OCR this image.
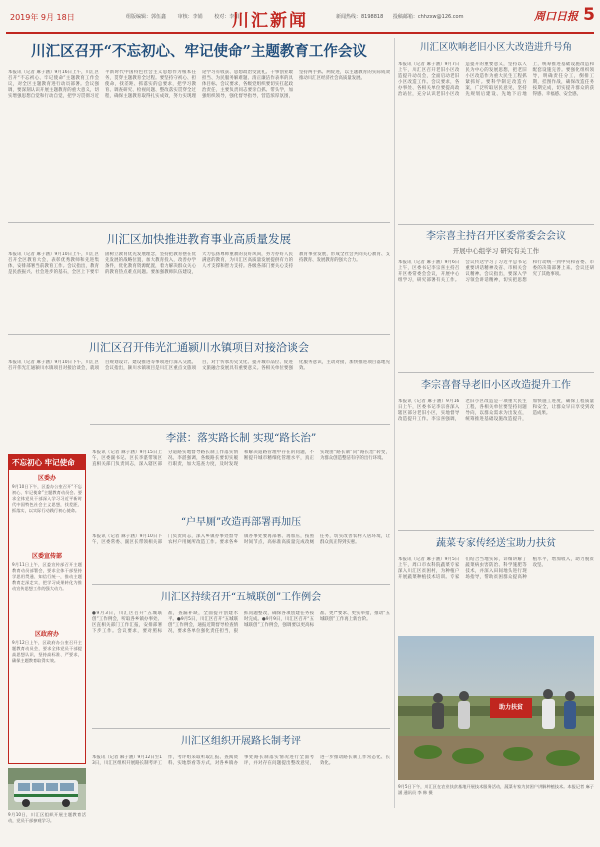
2019年 9月 18日	组版编辑：郭伍鑫 审核：李娟 校对：李娟
川汇新闻	新闻热线：8198818 投稿邮箱：chhzxw@126.com	周口日报 5
川汇区召开“不忘初心、牢记使命”主题教育工作会议
本报讯（记者 麻子涵）9月16日上午，川汇区召开“不忘初心、牢记使命”主题教育工作会议，对全区主题教育进行动员部署。会议强调，要深刻认识开展主题教育的重大意义，切实增强思想自觉和行动自觉，把学习贯彻习近平新时代中国特色社会主义思想作为根本任务，贯穿主题教育全过程。要坚持守初心、担使命，找差距、抓落实的总要求，把学习教育、调查研究、检视问题、整改落实贯穿全过程，确保主题教育取得扎实成效，努力实现理论学习有收获、思想政治受洗礼、干事创业敢担当、为民服务解难题、清正廉洁作表率的具体目标。会议要求，各级党组织要切实扛起政治责任，主要负责同志要亲自抓、带头学，加强组织领导，强化督导指导，营造浓厚氛围，坚持两手抓、两促进，以主题教育的实际成效推动川汇区经济社会高质量发展。
川汇区吹响老旧小区大改造进升号角
本报讯（记者 麻子涵）9月7日上午，川汇区召开老旧小区改造提升动员会，全面启动老旧小区改造工作。会议要求，各办事处、各相关单位要提高政治站位，充分认识老旧小区改造提升的重要意义，坚持以人民为中心的发展思想，把老旧小区改造作为重大民生工程抓紧抓好。要科学制定改造方案，广泛听取居民意见，坚持先规划后建设、先地下后地上，统筹推进基础设施改造和配套设施完善。要强化组织领导，明确责任分工，倒排工期，挂图作战，确保改造任务按期完成，切实提升群众的获得感、幸福感、安全感。
川汇区加快推进教育事业高质量发展
本报讯（记者 麻子涵）9月10日上午，川汇区召开全区教育大会，表彰优秀教师和先进集体，安排部署当前教育工作。会议指出，教育是民族振兴、社会进步的基石，全区上下要牢固树立教育优先发展理念，坚持把教育摆在优先发展的战略位置，加大教育投入，改善办学条件，优化教育资源配置，着力解决群众关心的教育热点难点问题。要加强教师队伍建设，大力弘扬尊师重教的良好风尚，努力办好人民满意的教育，为川汇区高质量发展提供有力的人才支撑和智力支持。各级各部门要关心支持教育事业发展，形成全社会共同关心教育、支持教育、发展教育的强大合力。
李宗喜主持召开区委常委会会议
开展中心组学习 研究有关工作
本报讯（记者 麻子涵）9月6日上午，区委书记李宗喜主持召开区委常委会会议，开展中心组学习，研究部署有关工作。会议传达学习了习近平总书记重要讲话精神及省、市相关会议精神。会议指出，要深入学习领会讲话精神，切实把思想和行动统一到中央和省委、市委的决策部署上来。会议还研究了其他事项。
川汇区召开伟光汇通颍川水镇项目对接洽谈会
本报讯（记者 麻子涵）9月10日下午，川汇区召开伟光汇通颍川水镇项目对接洽谈会，就项目规划设计、建设推进等事项进行深入交流。会议指出，颍川水镇项目是川汇区重点文旅项目，对于传承历史文化、提升城市品位、促进文旅融合发展具有重要意义。各相关单位要强化服务意识，主动对接，加快推进项目落地见效。
不忘初心 牢记使命
区委办
9月10日下午，区委办公室召开“不忘初心、牢记使命”主题教育动员会。要求全体党员干部深入学习习近平新时代中国特色社会主义思想，找差距、抓落实，以实际行动践行初心使命。
区委宣传部
9月11日上午，区委宣传部召开主题教育动员部署会，要求全体干部坚持学思用贯通、知信行统一，推动主题教育走深走实，把学习成果转化为推动宣传思想工作的强大动力。
区政府办
9月12日上午，区政府办公室召开主题教育动员会，要求全体党员干部提高思想认识，坚持高标准、严要求，确保主题教育取得实效。
李湛：落实路长制 实现“路长治”
本报讯（记者 麻子涵）9月15日上午，区委副书记、区长李湛带领区直相关部门负责同志，深入辖区部分道路实地督导路长制工作落实情况。李湛强调，各级路长要切实履行职责，加大巡查力度，及时发现和解决道路管理中存在的问题，不断提升城市精细化管理水平，真正实现由“路长制”向“路长治”转变，为群众创造整洁有序的出行环境。
“户早厕”改造再部署再加压
本报讯（记者 麻子涵）9月10日下午，区委常委、副区长带领相关部门负责同志，深入乡镇办事处督导农村户用厕所改造工作。要求各乡镇办事处要再部署、再加压，按照时间节点，高标准高质量完成改厕任务，切实改善农村人居环境，让群众真正得到实惠。
李宗喜督导老旧小区改造提升工作
本报讯（记者 麻子涵）9月16日上午，区委书记李宗喜深入辖区部分老旧小区，实地督导改造提升工作。李宗喜强调，老旧小区改造是一项重大民生工程，各相关单位要坚持问题导向，以群众需求为出发点，统筹推进基础设施改造提升，加快施工进度，确保工程质量和安全，让群众早日享受到改造成果。
川汇区持续召开“五城联创”工作例会
●9月3日，川汇区召开“五城联创”工作例会，听取各乡镇办事处、区直相关部门工作汇报，安排部署下步工作。会议要求，要对照标准，查漏补缺，全面提升创建水平。●9月5日，川汇区召开“五城联创”工作例会，通报近期督导检查情况，要求各单位强化责任担当，狠抓问题整改，确保各项创建任务按时完成。●9月9日，川汇区召开“五城联创”工作例会，强调要以更高标准、更严要求、更实举措，推动“五城联创”工作再上新台阶。
蔬菜专家传经送宝助力扶贫
本报讯（记者 麻子涵）9月5日上午，周口市农科院蔬菜专家深入川汇区贫困村，为种植户开展蔬菜种植技术培训。专家们结合当地实际，详细讲解了蔬菜病虫害防治、科学施肥等技术，并深入田间地头进行现场指导，帮助贫困群众提高种植水平，增加收入，助力脱贫攻坚。
助力扶贫
9月5日下午，川汇区在农业扶贫基地开展技术服务活动，蔬菜专家为贫困户讲解种植技术。本报记者 麻子涵 通讯员 李 韩 摄
9月10日，川汇区组织开展主题教育活动，党员干部参观学习。
川汇区组织开展路长制考评
本报讯（记者 麻子涵）9月12日至13日，川汇区组织开展路长制考评工作，考评组采取听取汇报、查阅资料、实地察看等方式，对各乡镇办事处路长制落实情况进行全面考评，并对存在问题提出整改意见，进一步推动路长制工作常态化、长效化。
